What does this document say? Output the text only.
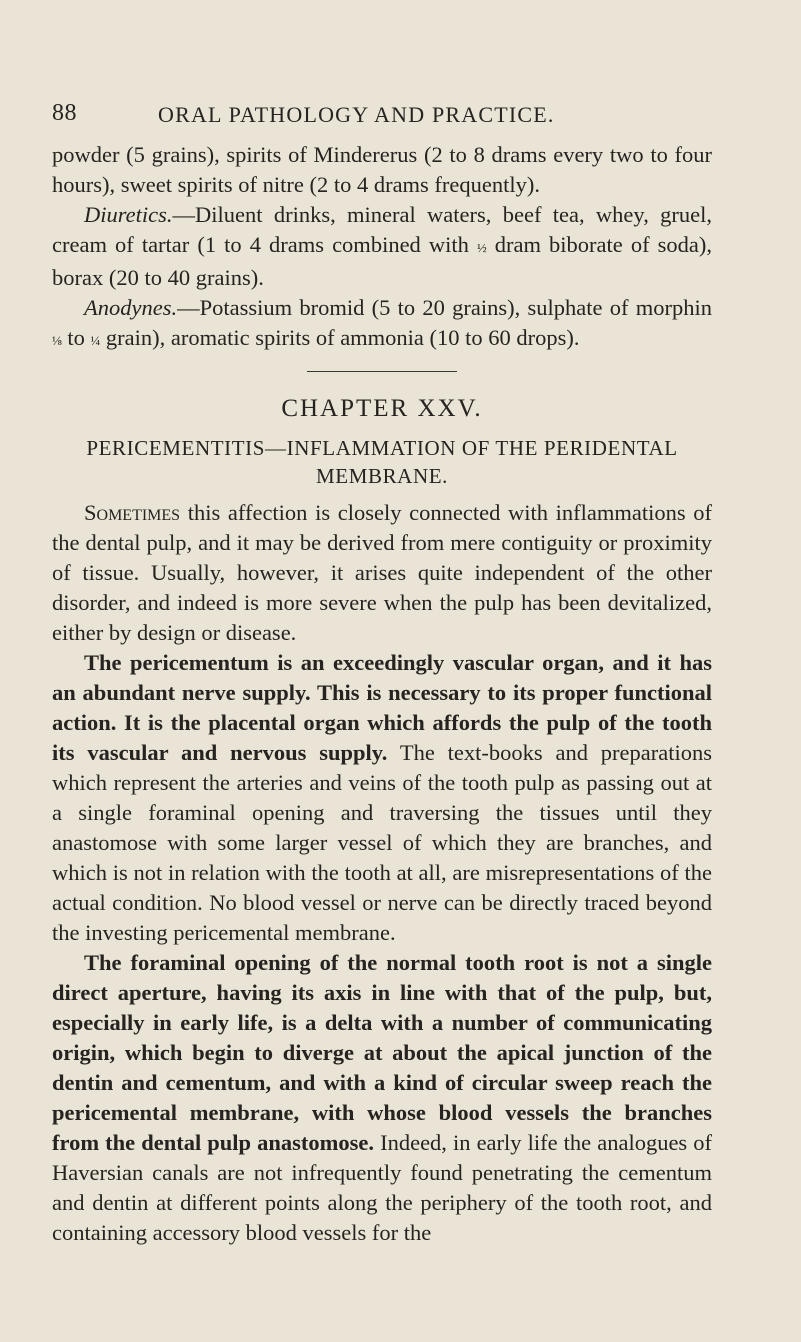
88	ORAL PATHOLOGY AND PRACTICE.

powder (5 grains), spirits of Mindererus (2 to 8 drams every two to four hours), sweet spirits of nitre (2 to 4 drams frequently).

Diuretics.—Diluent drinks, mineral waters, beef tea, whey, gruel, cream of tartar (1 to 4 drams combined with ½ dram biborate of soda), borax (20 to 40 grains).

Anodynes.—Potassium bromid (5 to 20 grains), sulphate of morphin ⅛ to ¼ grain), aromatic spirits of ammonia (10 to 60 drops).

CHAPTER XXV.
PERICEMENTITIS—INFLAMMATION OF THE PERIDENTAL MEMBRANE.

Sometimes this affection is closely connected with inflammations of the dental pulp, and it may be derived from mere contiguity or proximity of tissue. Usually, however, it arises quite independent of the other disorder, and indeed is more severe when the pulp has been devitalized, either by design or disease.

The pericementum is an exceedingly vascular organ, and it has an abundant nerve supply. This is necessary to its proper functional action. It is the placental organ which affords the pulp of the tooth its vascular and nervous supply. The text-books and preparations which represent the arteries and veins of the tooth pulp as passing out at a single foraminal opening and traversing the tissues until they anastomose with some larger vessel of which they are branches, and which is not in relation with the tooth at all, are misrepresentations of the actual condition. No blood vessel or nerve can be directly traced beyond the investing pericemental membrane.

The foraminal opening of the normal tooth root is not a single direct aperture, having its axis in line with that of the pulp, but, especially in early life, is a delta with a number of communicating origin, which begin to diverge at about the apical junction of the dentin and cementum, and with a kind of circular sweep reach the pericemental membrane, with whose blood vessels the branches from the dental pulp anastomose. Indeed, in early life the analogues of Haversian canals are not infrequently found penetrating the cementum and dentin at different points along the periphery of the tooth root, and containing accessory blood vessels for the
